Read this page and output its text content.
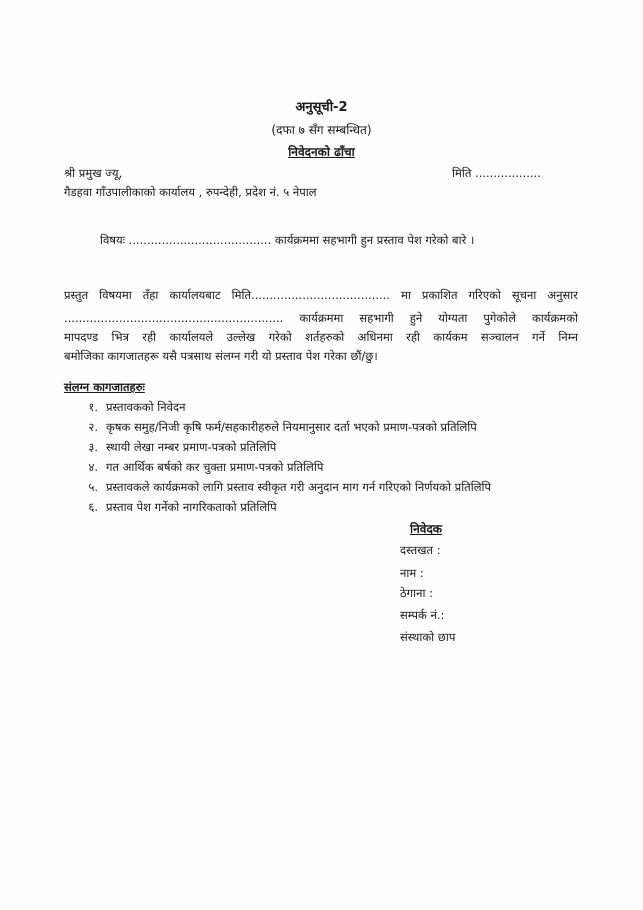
अनुसूची-2
(दफा ७ सँग सम्बन्धित)
निवेदनको ढाँचा
श्री प्रमुख ज्यू,	मिति ..................
गैडहवा गाँउपालीकाको कार्यालय , रुपन्देही, प्रदेश नं. ५ नेपाल
विषयः ....................................... कार्यक्रममा सहभागी हुन प्रस्ताव पेश गरेको बारे ।
प्रस्तुत विषयमा तँहा कार्यालयबाट मिति...................................... मा प्रकाशित गरिएको सूचना अनुसार
............................................................ कार्यक्रममा सहभागी हुने योग्यता पुगेकोले कार्यक्रमको
मापदण्ड भित्र रही कार्यालयले उल्लेख गरेको शर्तहरुको अधिनमा रही कार्यकम सञ्चालन गर्ने निम्न
बमोजिका कागजातहरू यसै पत्रसाथ संलग्न गरी यो प्रस्ताव पेश गरेका छौं/छु।
संलग्न कागजातहरुः
१. प्रस्तावकको निवेदन
२. कृषक समुह/निजी कृषि फर्म/सहकारीहरुले नियमानुसार दर्ता भएको प्रमाण-पत्रको प्रतिलिपि
३. स्थायी लेखा नम्बर प्रमाण-पत्रको प्रतिलिपि
४. गत आर्थिक बर्षको कर चुक्ता प्रमाण-पत्रको प्रतिलिपि
५. प्रस्तावकले कार्यक्रमको लागि प्रस्ताव स्वीकृत गरी अनुदान माग गर्न गरिएको निर्णयको प्रतिलिपि
६. प्रस्ताव पेश गर्नेको नागरिकताको प्रतिलिपि
निवेदक
दस्तखत :
नाम :
ठेगाना :
सम्पर्क नं.:
संस्थाको छाप
